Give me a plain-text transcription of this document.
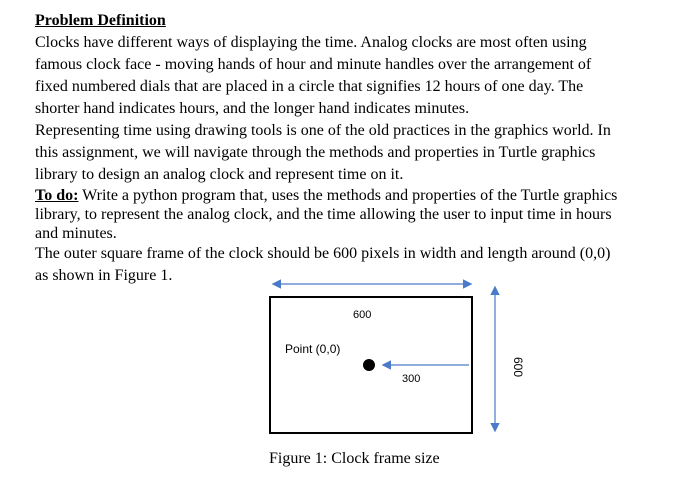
Problem Definition

Clocks have different ways of displaying the time. Analog clocks are most often using

famous clock face - moving hands of hour and minute handles over the arrangement of

fixed numbered dials that are placed in a circle that signifies 12 hours of one day. The

shorter hand indicates hours, and the longer hand indicates minutes.

Representing time using drawing tools is one of the old practices in the graphics world. In

this assignment, we will navigate through the methods and properties in Turtle graphics

library to design an analog clock and represent time on it.

To do: Write a python program that, uses the methods and properties of the Turtle graphics

library, to represent the analog clock, and the time allowing the user to input time in hours

and minutes.

The outer square frame of the clock should be 600 pixels in width and length around (0,0)

as shown in Figure 1.

600
Point (0,0)
300
600
Figure 1: Clock frame size
